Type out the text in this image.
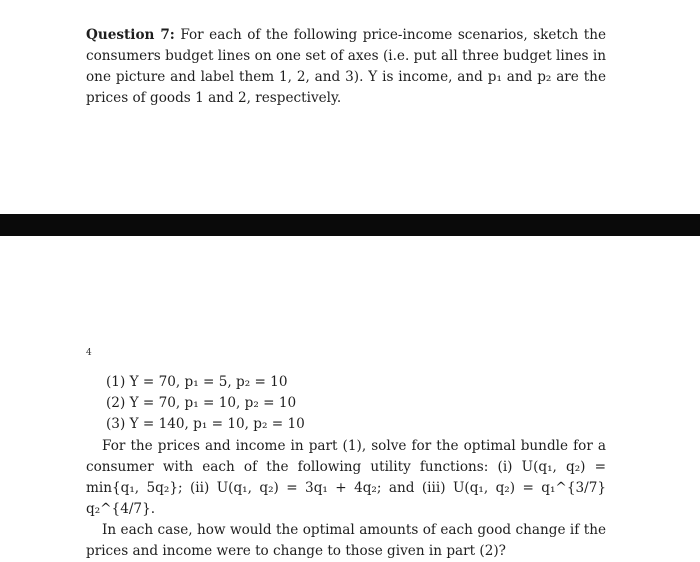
Question 7: For each of the following price-income scenarios, sketch the consumers budget lines on one set of axes (i.e. put all three budget lines in one picture and label them 1, 2, and 3). Y is income, and p₁ and p₂ are the prices of goods 1 and 2, respectively.
4
(1) Y = 70, p₁ = 5, p₂ = 10
(2) Y = 70, p₁ = 10, p₂ = 10
(3) Y = 140, p₁ = 10, p₂ = 10
For the prices and income in part (1), solve for the optimal bundle for a consumer with each of the following utility functions: (i) U(q₁, q₂) = min{q₁, 5q₂}; (ii) U(q₁, q₂) = 3q₁ + 4q₂; and (iii) U(q₁, q₂) = q₁^{3/7} q₂^{4/7}.
In each case, how would the optimal amounts of each good change if the prices and income were to change to those given in part (2)?
